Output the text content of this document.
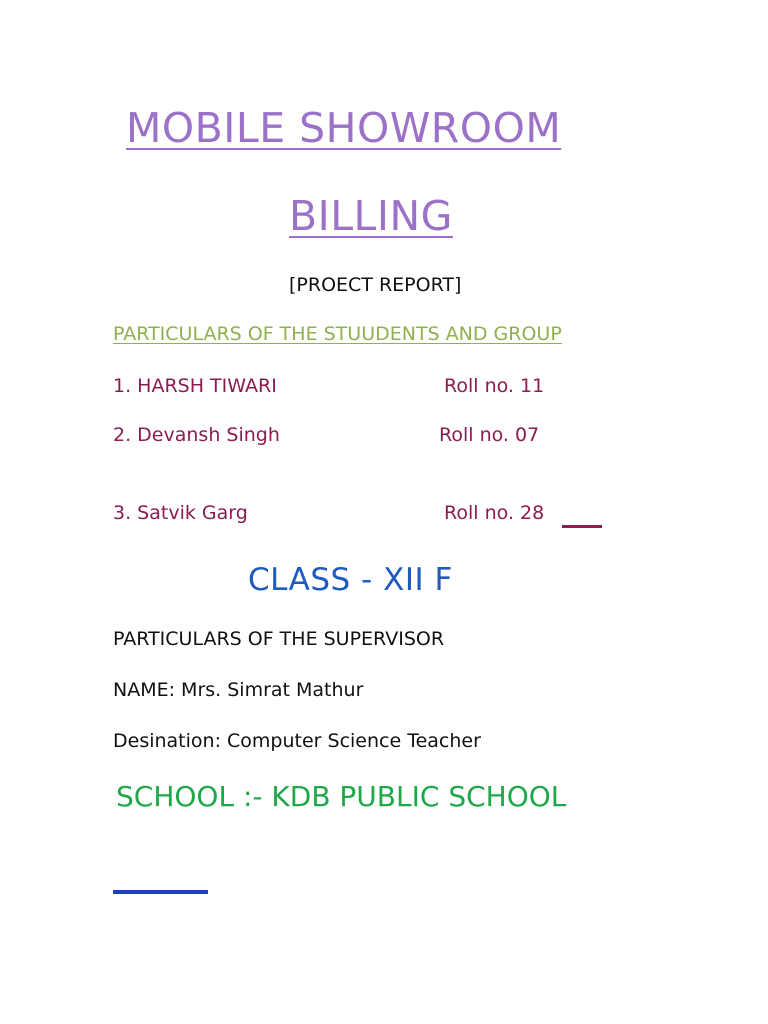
MOBILE SHOWROOM
BILLING
[PROECT REPORT]
PARTICULARS OF THE STUUDENTS AND GROUP
1. HARSH TIWARI	Roll no. 11
2. Devansh Singh	Roll no. 07
3. Satvik Garg	Roll no. 28
CLASS - XII F
PARTICULARS OF THE SUPERVISOR
NAME: Mrs. Simrat Mathur
Desination: Computer Science Teacher
SCHOOL :- KDB PUBLIC SCHOOL
